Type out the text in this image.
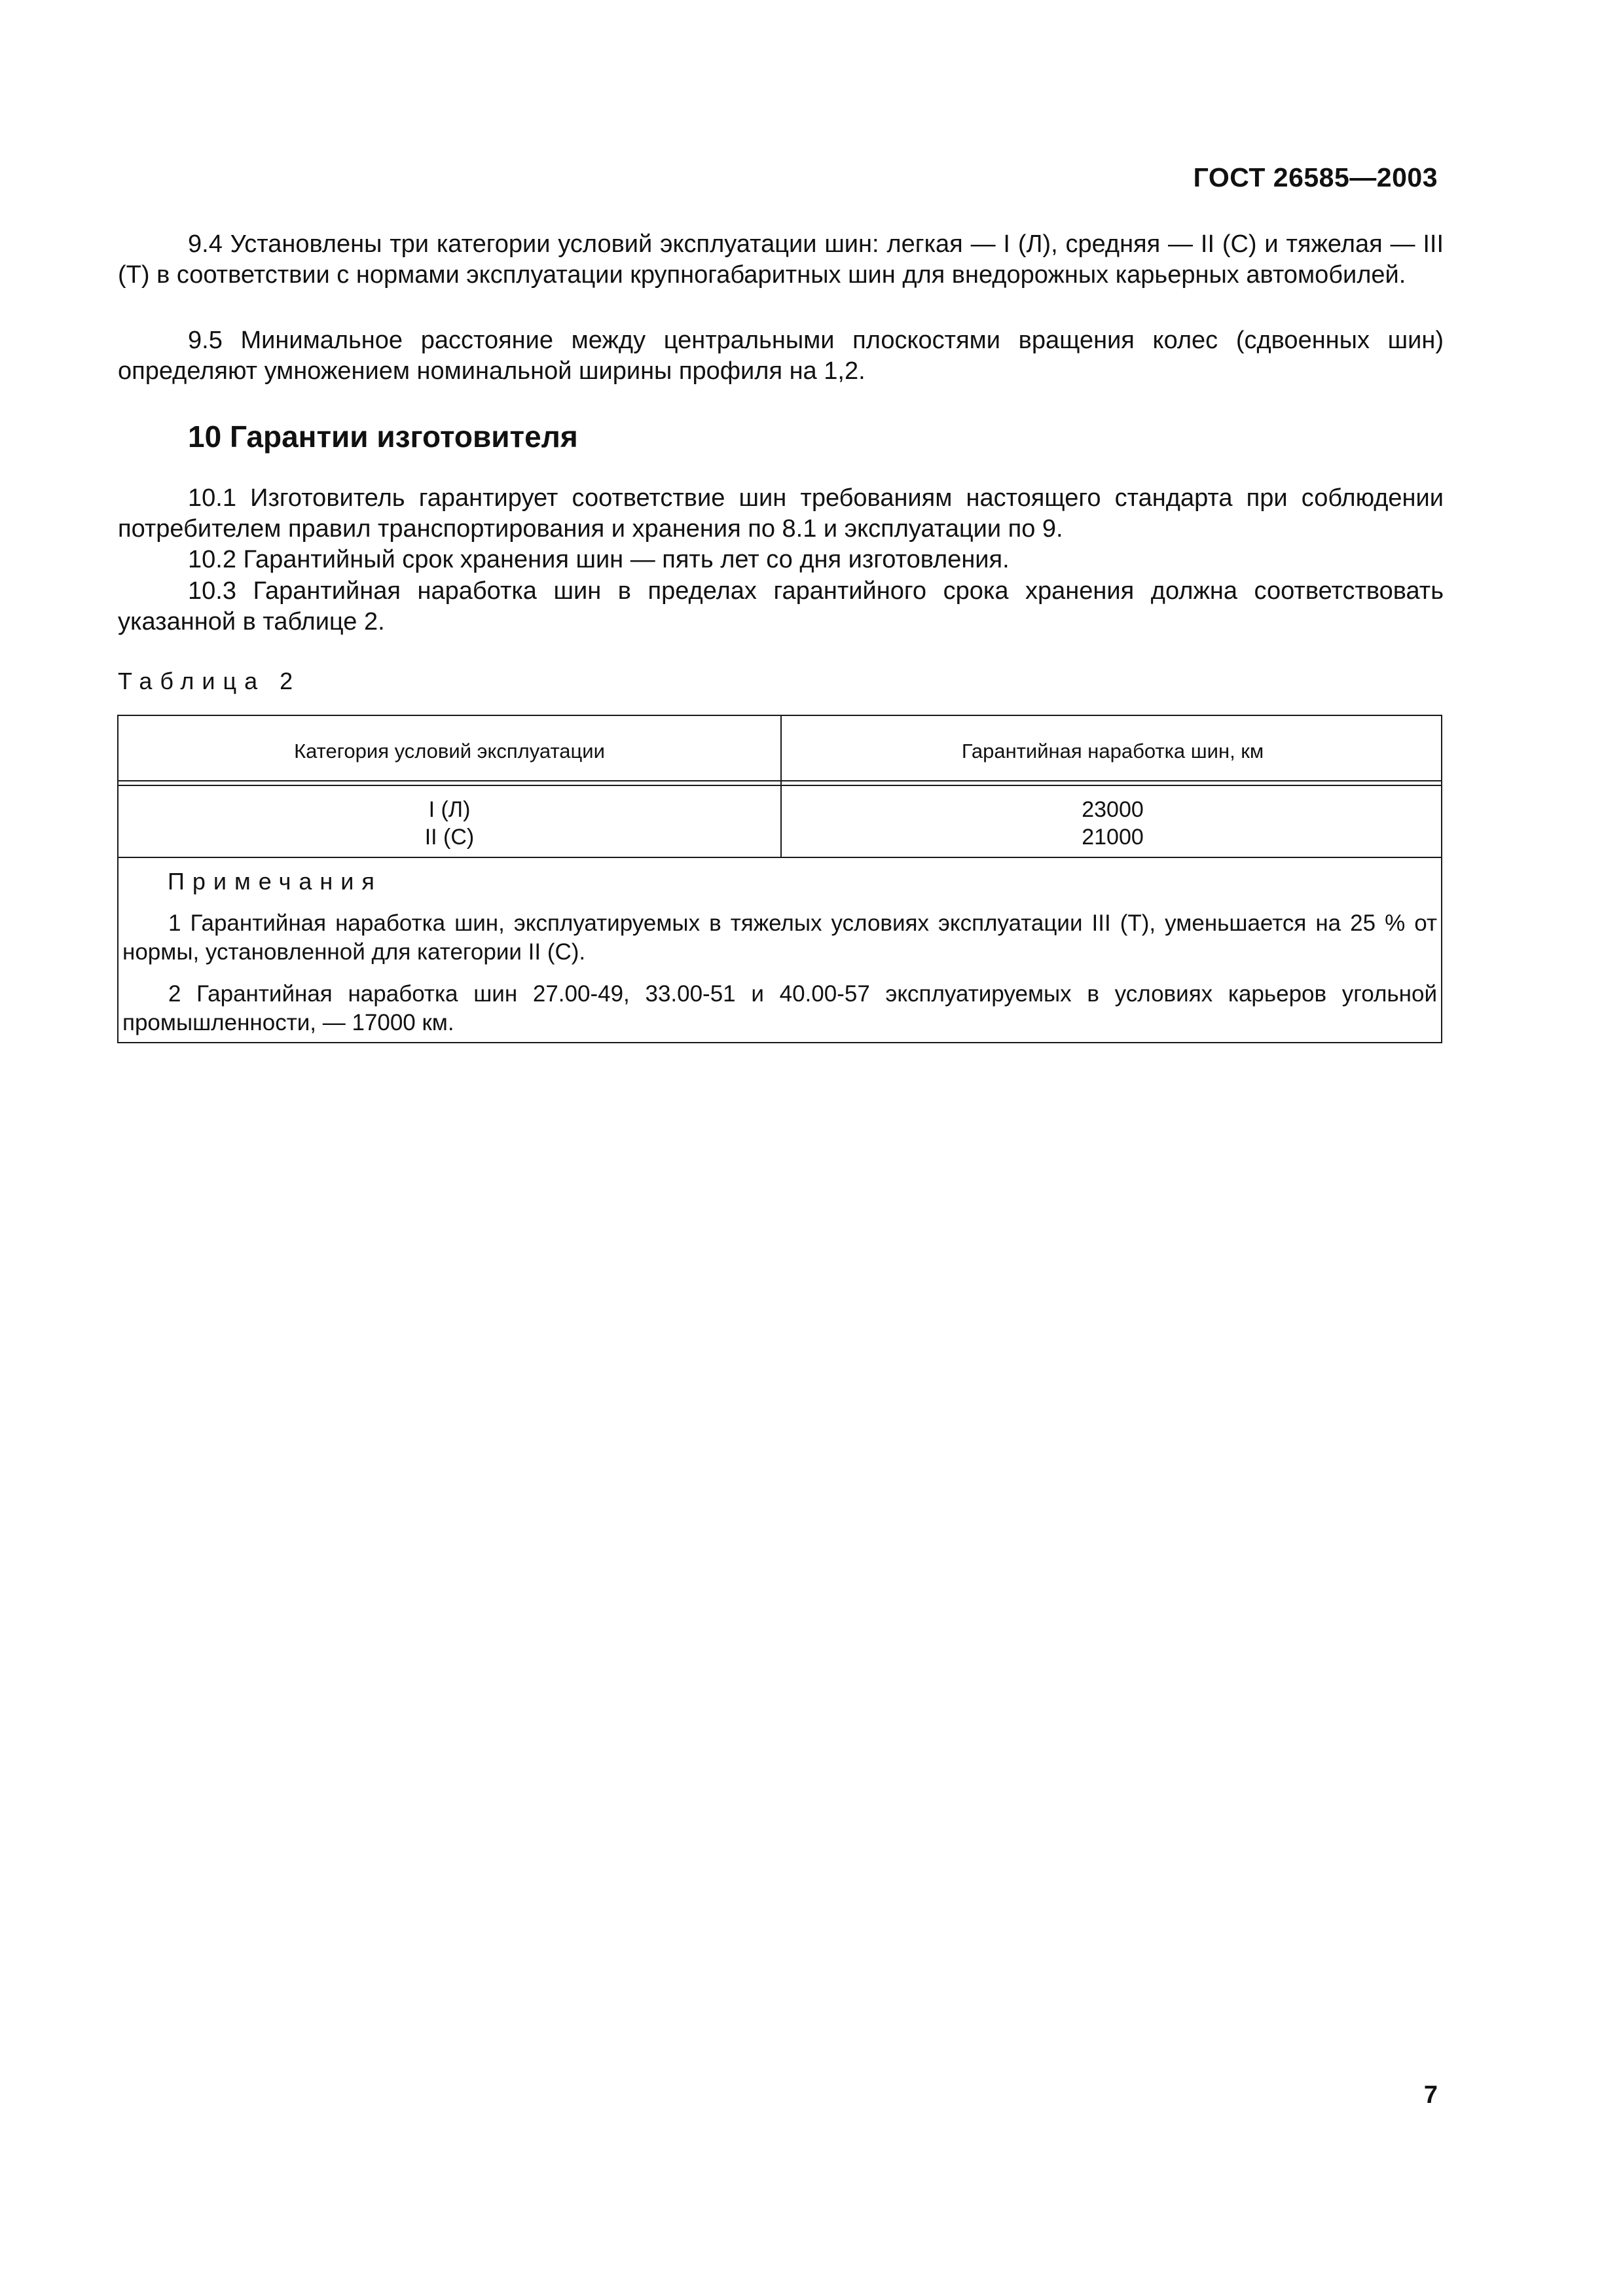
ГОСТ 26585—2003

9.4 Установлены три категории условий эксплуатации шин: легкая — I (Л), средняя — II (С) и тяжелая — III (Т) в соответствии с нормами эксплуатации крупногабаритных шин для внедорожных карьерных автомобилей.

9.5 Минимальное расстояние между центральными плоскостями вращения колес (сдвоенных шин) определяют умножением номинальной ширины профиля на 1,2.

10 Гарантии изготовителя

10.1 Изготовитель гарантирует соответствие шин требованиям настоящего стандарта при соблюдении потребителем правил транспортирования и хранения по 8.1 и эксплуатации по 9.

10.2 Гарантийный срок хранения шин — пять лет со дня изготовления.

10.3 Гарантийная наработка шин в пределах гарантийного срока хранения должна соответствовать указанной в таблице 2.

Таблица 2
Категория условий эксплуатации	Гарантийная наработка шин, км
I (Л)
II (С)
23000
21000
Примечания

1 Гарантийная наработка шин, эксплуатируемых в тяжелых условиях эксплуатации III (Т), уменьшается на 25 % от нормы, установленной для категории II (С).

2 Гарантийная наработка шин 27.00-49, 33.00-51 и 40.00-57 эксплуатируемых в условиях карьеров угольной промышленности, — 17000 км.

7
